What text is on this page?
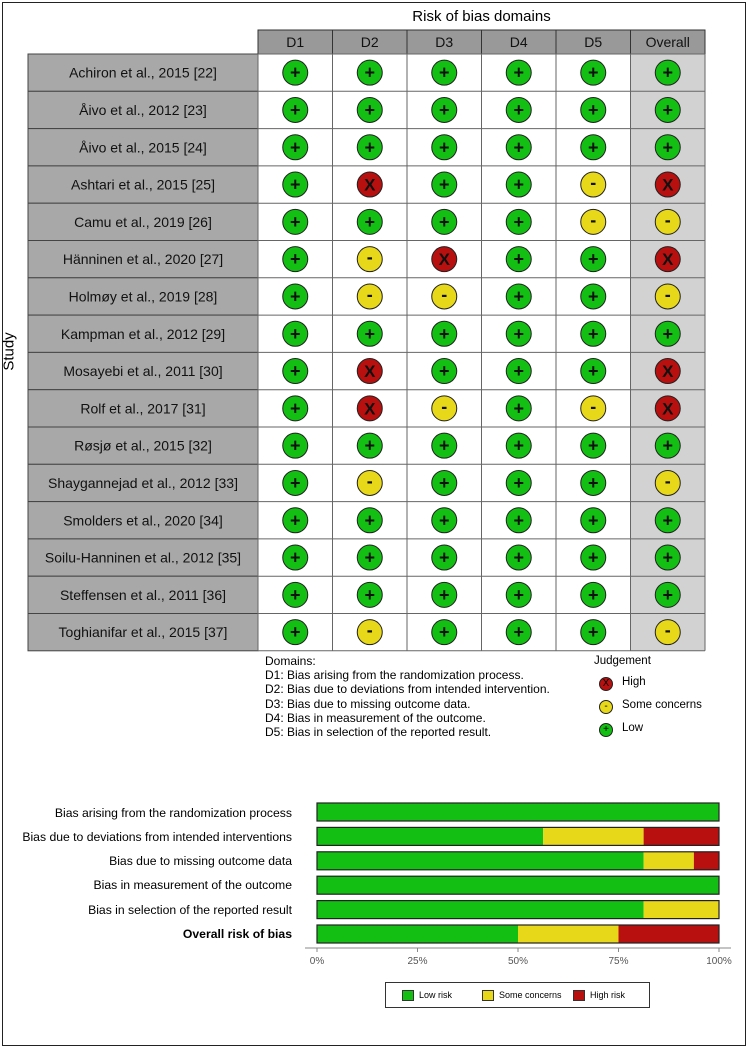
Risk of bias domains
Study
D1	D2	D3	D4	D5	Overall
Achiron et al., 2015 [22]	+	+	+	+	+	+
Åivo et al., 2012 [23]	+	+	+	+	+	+
Åivo et al., 2015 [24]	+	+	+	+	+	+
Ashtari et al., 2015 [25]	+	X	+	+	-	X
Camu et al., 2019 [26]	+	+	+	+	-	-
Hänninen et al., 2020 [27]	+	-	X	+	+	X
Holmøy et al., 2019 [28]	+	-	-	+	+	-
Kampman et al., 2012 [29]	+	+	+	+	+	+
Mosayebi et al., 2011 [30]	+	X	+	+	+	X
Rolf et al., 2017 [31]	+	X	-	+	-	X
Røsjø et al., 2015 [32]	+	+	+	+	+	+
Shaygannejad et al., 2012 [33]	+	-	+	+	+	-
Smolders et al., 2020 [34]	+	+	+	+	+	+
Soilu-Hanninen et al., 2012 [35]	+	+	+	+	+	+
Steffensen et al., 2011 [36]	+	+	+	+	+	+
Toghianifar et al., 2015 [37]	+	-	+	+	+	-
Domains:
D1: Bias arising from the randomization process.
D2: Bias due to deviations from intended intervention.
D3: Bias due to missing outcome data.
D4: Bias in measurement of the outcome.
D5: Bias in selection of the reported result.
Judgement
X	High
-	Some concerns
+	Low
Bias arising from the randomization process
Bias due to deviations from intended interventions
Bias due to missing outcome data
Bias in measurement of the outcome
Bias in selection of the reported result
Overall risk of bias
0%	25%	50%	75%	100%
Low risk	Some concerns	High risk
